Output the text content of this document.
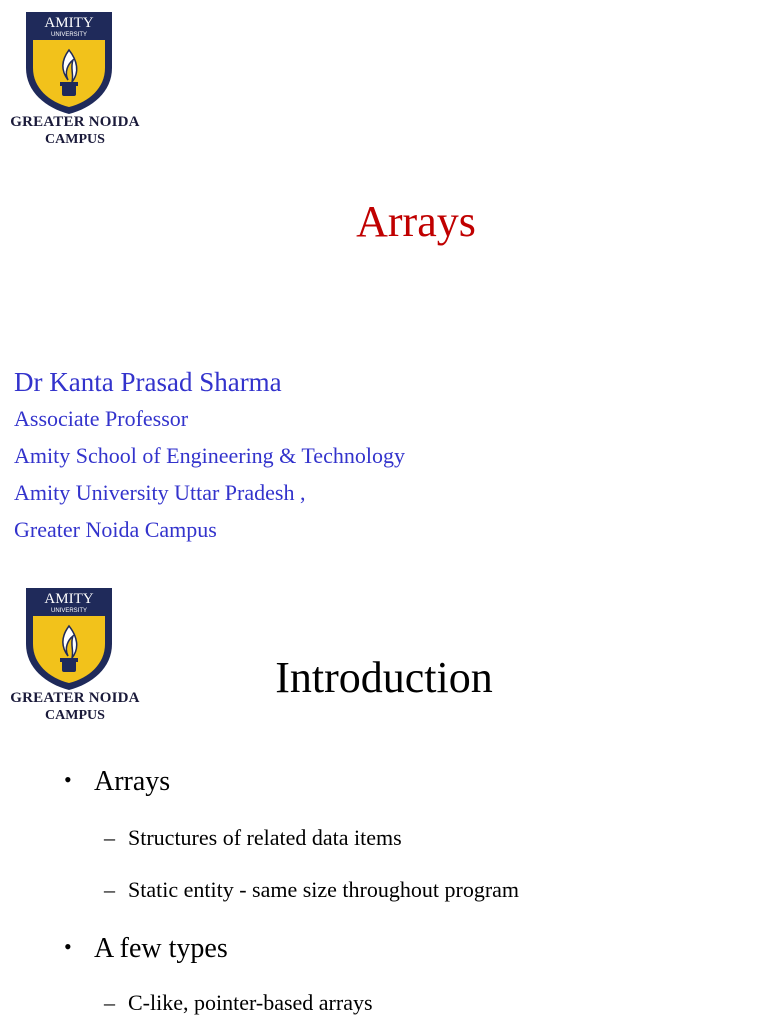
AMITY
UNIVERSITY
GREATER NOIDA
CAMPUS
Arrays
Dr Kanta Prasad Sharma
Associate Professor
Amity School of Engineering & Technology
Amity University Uttar Pradesh ,
Greater Noida Campus
AMITY
UNIVERSITY
GREATER NOIDA
CAMPUS
Introduction
• Arrays
– Structures of related data items
– Static entity - same size throughout program
• A few types
– C-like, pointer-based arrays
